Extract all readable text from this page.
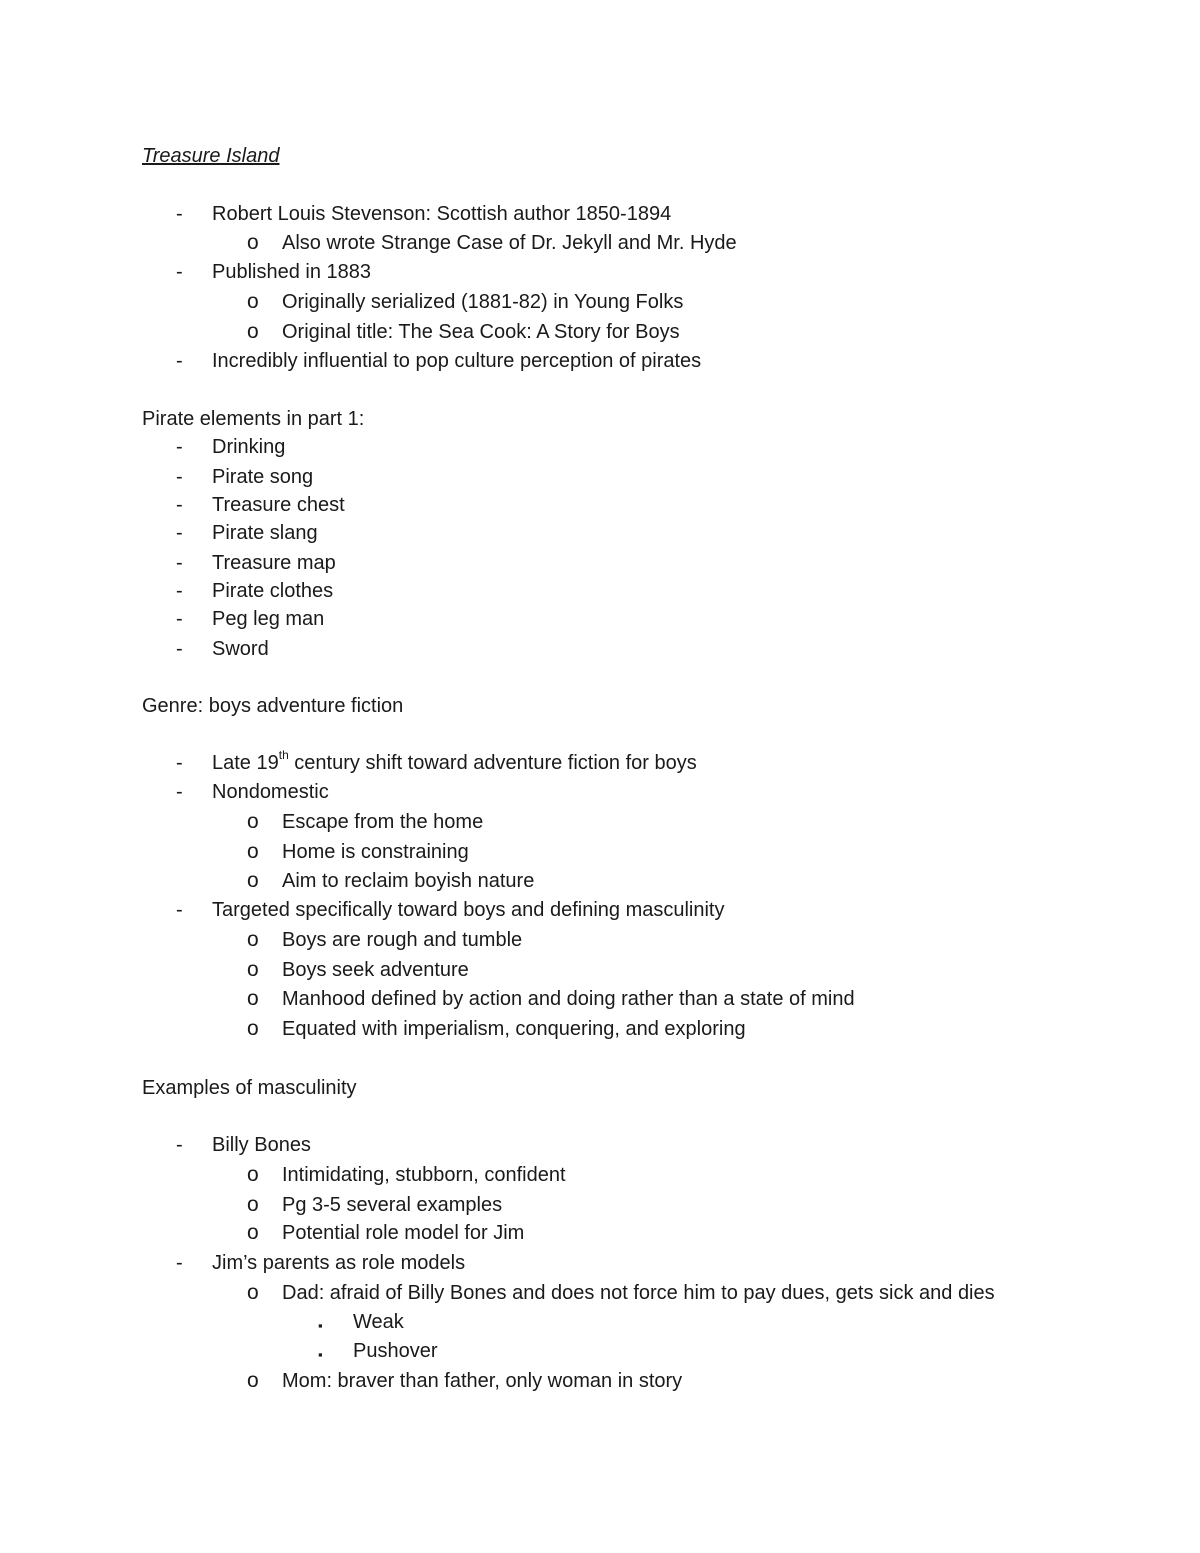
Treasure Island
- Robert Louis Stevenson: Scottish author 1850-1894
o Also wrote Strange Case of Dr. Jekyll and Mr. Hyde
- Published in 1883
o Originally serialized (1881-82) in Young Folks
o Original title: The Sea Cook: A Story for Boys
- Incredibly influential to pop culture perception of pirates
Pirate elements in part 1:
- Drinking
- Pirate song
- Treasure chest
- Pirate slang
- Treasure map
- Pirate clothes
- Peg leg man
- Sword
Genre: boys adventure fiction
- Late 19th century shift toward adventure fiction for boys
- Nondomestic
o Escape from the home
o Home is constraining
o Aim to reclaim boyish nature
- Targeted specifically toward boys and defining masculinity
o Boys are rough and tumble
o Boys seek adventure
o Manhood defined by action and doing rather than a state of mind
o Equated with imperialism, conquering, and exploring
Examples of masculinity
- Billy Bones
o Intimidating, stubborn, confident
o Pg 3-5 several examples
o Potential role model for Jim
- Jim’s parents as role models
o Dad: afraid of Billy Bones and does not force him to pay dues, gets sick and dies
▪ Weak
▪ Pushover
o Mom: braver than father, only woman in story
